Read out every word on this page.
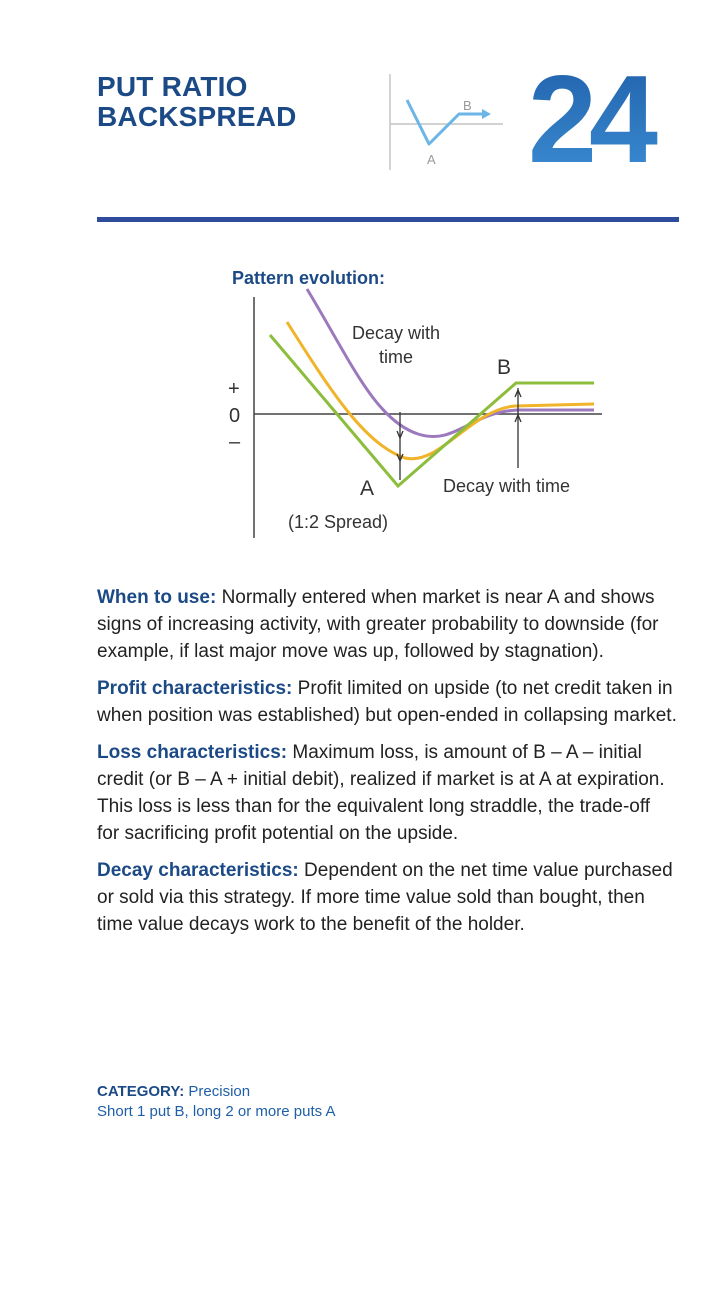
PUT RATIO
BACKSPREAD	B
A 24
Pattern evolution:
+
0
–
Decay with
time	B
A	Decay with time
(1:2 Spread)

When to use: Normally entered when market is near A and shows signs of increasing activity, with greater probability to downside (for example, if last major move was up, followed by stagnation).

Profit characteristics: Profit limited on upside (to net credit taken in when position was established) but open-ended in collapsing market.

Loss characteristics: Maximum loss, is amount of B – A – initial credit (or B – A + initial debit), realized if market is at A at expiration. This loss is less than for the equivalent long straddle, the trade-off for sacrificing profit potential on the upside.

Decay characteristics: Dependent on the net time value purchased or sold via this strategy. If more time value sold than bought, then time value decays work to the benefit of the holder.

CATEGORY: Precision
Short 1 put B, long 2 or more puts A
